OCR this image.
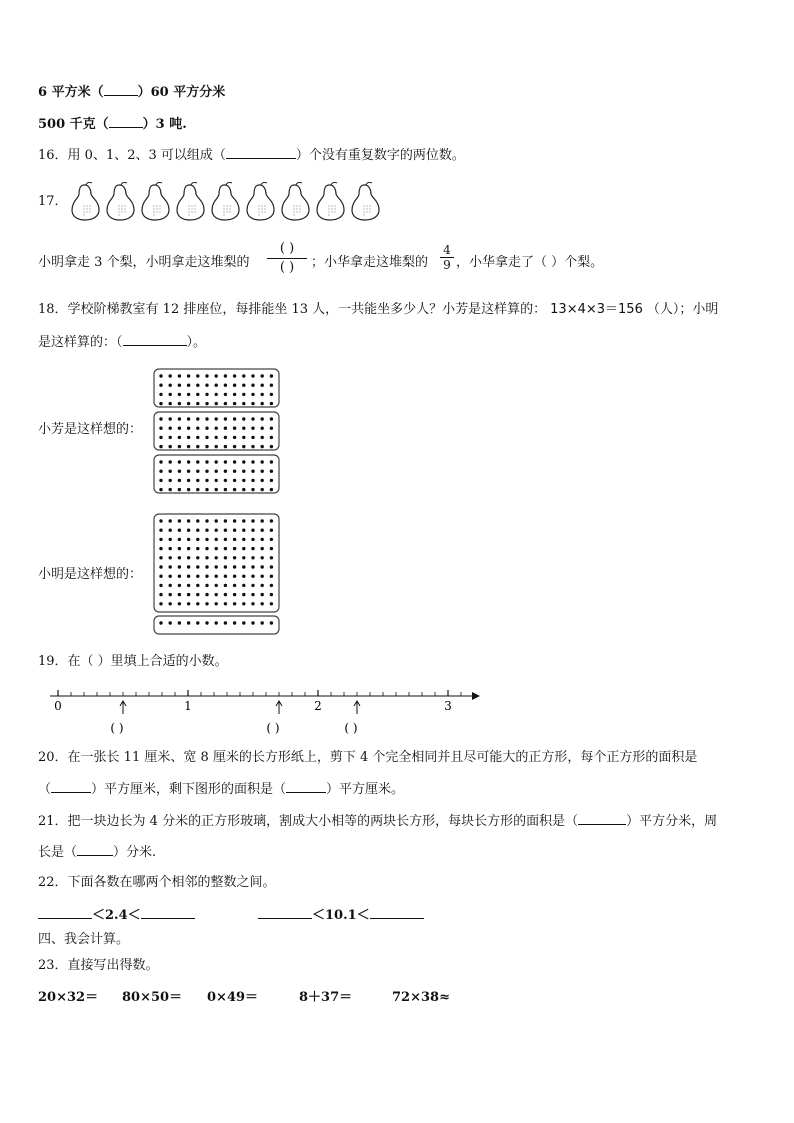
6 平方米（	）60 平方分米
500 千克（	）3 吨.
16．用 0、1、2、3 可以组成（	）个没有重复数字的两位数。
17．
小明拿走 3 个梨，小明拿走这堆梨的
( )
( )	；小华拿走这堆梨的
4
9 ，小华拿走了（ ）个梨。
18．学校阶梯教室有 12 排座位，每排能坐 13 人，一共能坐多少人？小芳是这样算的： 13×4×3＝156 （人）；小明
是这样算的：（	）。
小芳是这样想的：
小明是这样想的：
19．在（ ）里填上合适的小数。
0	1	2	3
( )	( )	( )
20．在一张长 11 厘米、宽 8 厘米的长方形纸上，剪下 4 个完全相同并且尽可能大的正方形，每个正方形的面积是
（	）平方厘米，剩下图形的面积是（	）平方厘米。
21．把一块边长为 4 分米的正方形玻璃，割成大小相等的两块长方形，每块长方形的面积是（	）平方分米，周
长是（	）分米.
22．下面各数在哪两个相邻的整数之间。
＜2.4＜	＜10.1＜
四、我会计算。
23．直接写出得数。
20×32＝ 80×50＝ 0×49＝	8＋37＝	72×38≈
